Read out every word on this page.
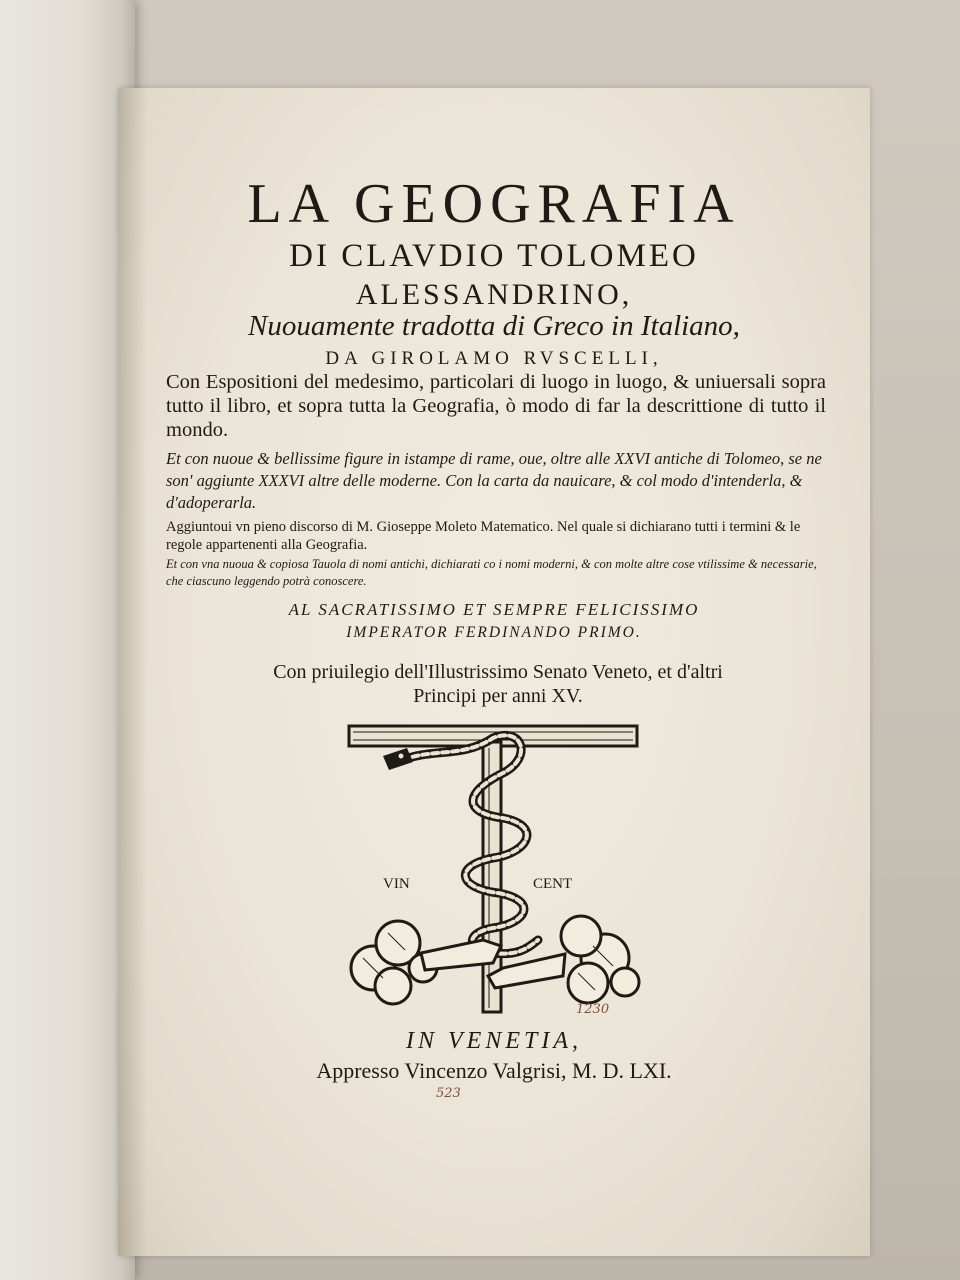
LA GEOGRAFIA
DI CLAVDIO TOLOMEO
ALESSANDRINO,
Nuouamente tradotta di Greco in Italiano,
DA GIROLAMO RVSCELLI,
Con Espositioni del medesimo, particolari di luogo in luogo, & uniuersali sopra tutto il libro, et sopra tutta la Geografia, ò modo di far la descrittione di tutto il mondo.
Et con nuoue & bellissime figure in istampe di rame, oue, oltre alle XXVI antiche di Tolomeo, se ne son' aggiunte XXXVI altre delle moderne. Con la carta da nauicare, & col modo d'intenderla, & d'adoperarla.
Aggiuntoui vn pieno discorso di M. Gioseppe Moleto Matematico. Nel quale si dichiarano tutti i termini & le regole appartenenti alla Geografia.
Et con vna nuoua & copiosa Tauola di nomi antichi, dichiarati co i nomi moderni, & con molte altre cose vtilissime & necessarie, che ciascuno leggendo potrà conoscere.
AL SACRATISSIMO ET SEMPRE FELICISSIMO
IMPERATOR FERDINANDO PRIMO.
Con priuilegio dell'Illustrissimo Senato Veneto, et d'altri Principi per anni XV.
VIN	CENT
IN VENETIA,
Appresso Vincenzo Valgrisi, M. D. LXI.
1230
523
